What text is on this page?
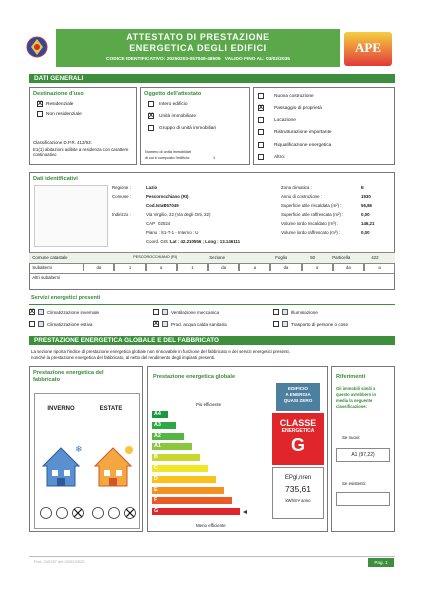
ATTESTATO DI PRESTAZIONE
ENERGETICA DEGLI EDIFICI
CODICE IDENTIFICATIVO: 20250203-057049-48505 VALIDO FINO AL: 03/02/2035
APE
DATI GENERALI
Destinazione d'uso
X Residenziale
Non residenziale
Classificazione D.P.R. 412/93:
E1(1) abitazioni adibite a residenza con carattere continuativo
Oggetto dell'attestato
Intero edificio
X Unità immobiliare
Gruppo di unità immobiliari
Numero di unità immobiliari
di cui è composto l'edificio:	1
Nuova costruzione
X Passaggio di proprietà
Locazione
Ristrutturazione importante
Riqualificazione energetica
Altro:
Dati identificativi
Regione :	Lazio
Comune :	Pescorocchiano (RI)
Cod.Istat:
057049
Indirizzo :	Via Virgilio, 22 (Via degli Orti, 22)
CAP 02024
Piano : S1-T-1 - Interno : U
Coord. GIS : Lat : 42.210556 ; Long : 13.146111
Zona climatica :	E
Anno di costruzione :	1930
Superficie utile riscaldata (m²) :	56,86
Superficie utile raffrescata (m²) :	0,00
Volume lordo riscaldato (m³) :	146,21
Volume lordo raffrescato (m³) :	0,00
Comune catastale	PESCOROCCHIANO (RI)	Sezione	Foglio	50	Particella	422
Subalterni	da	1	a	1	da	a	da	a	da	a
Altri subalterni
Servizi energetici presenti
X	Climatizzazione invernale	Ventilazione meccanica	Illuminazione
Climatizzazione estiva	X	Prod. acqua calda sanitaria	Trasporto di persone o cose
PRESTAZIONE ENERGETICA GLOBALE E DEL FABBRICATO
La sezione riporta l'indice di prestazione energetica globale non rinnovabile in funzione del fabbricato e dei servizi energetici presenti,
nonché la prestazione energetica del fabbricato, al netto del rendimento degli impianti presenti.
Prestazione energetica del
fabbricato
INVERNO	ESTATE
❄
Prestazione energetica globale
Più efficiente
A4
A3
A2
A1
B
C
D
E
F
G
Meno efficiente
EDIFICIO
A ENERGIA
QUASI ZERO
CLASSE
ENERGETICA
G
EPgl,nren
735,61
kWh/m² anno
Riferimenti
Gli immobili simili a
questo avrebbero in
media la seguente
classificazione:
Se nuovi:
A1 (97,22)
Se esistenti:
Prot. 245787 del 03/02/2025	Pag. 1
